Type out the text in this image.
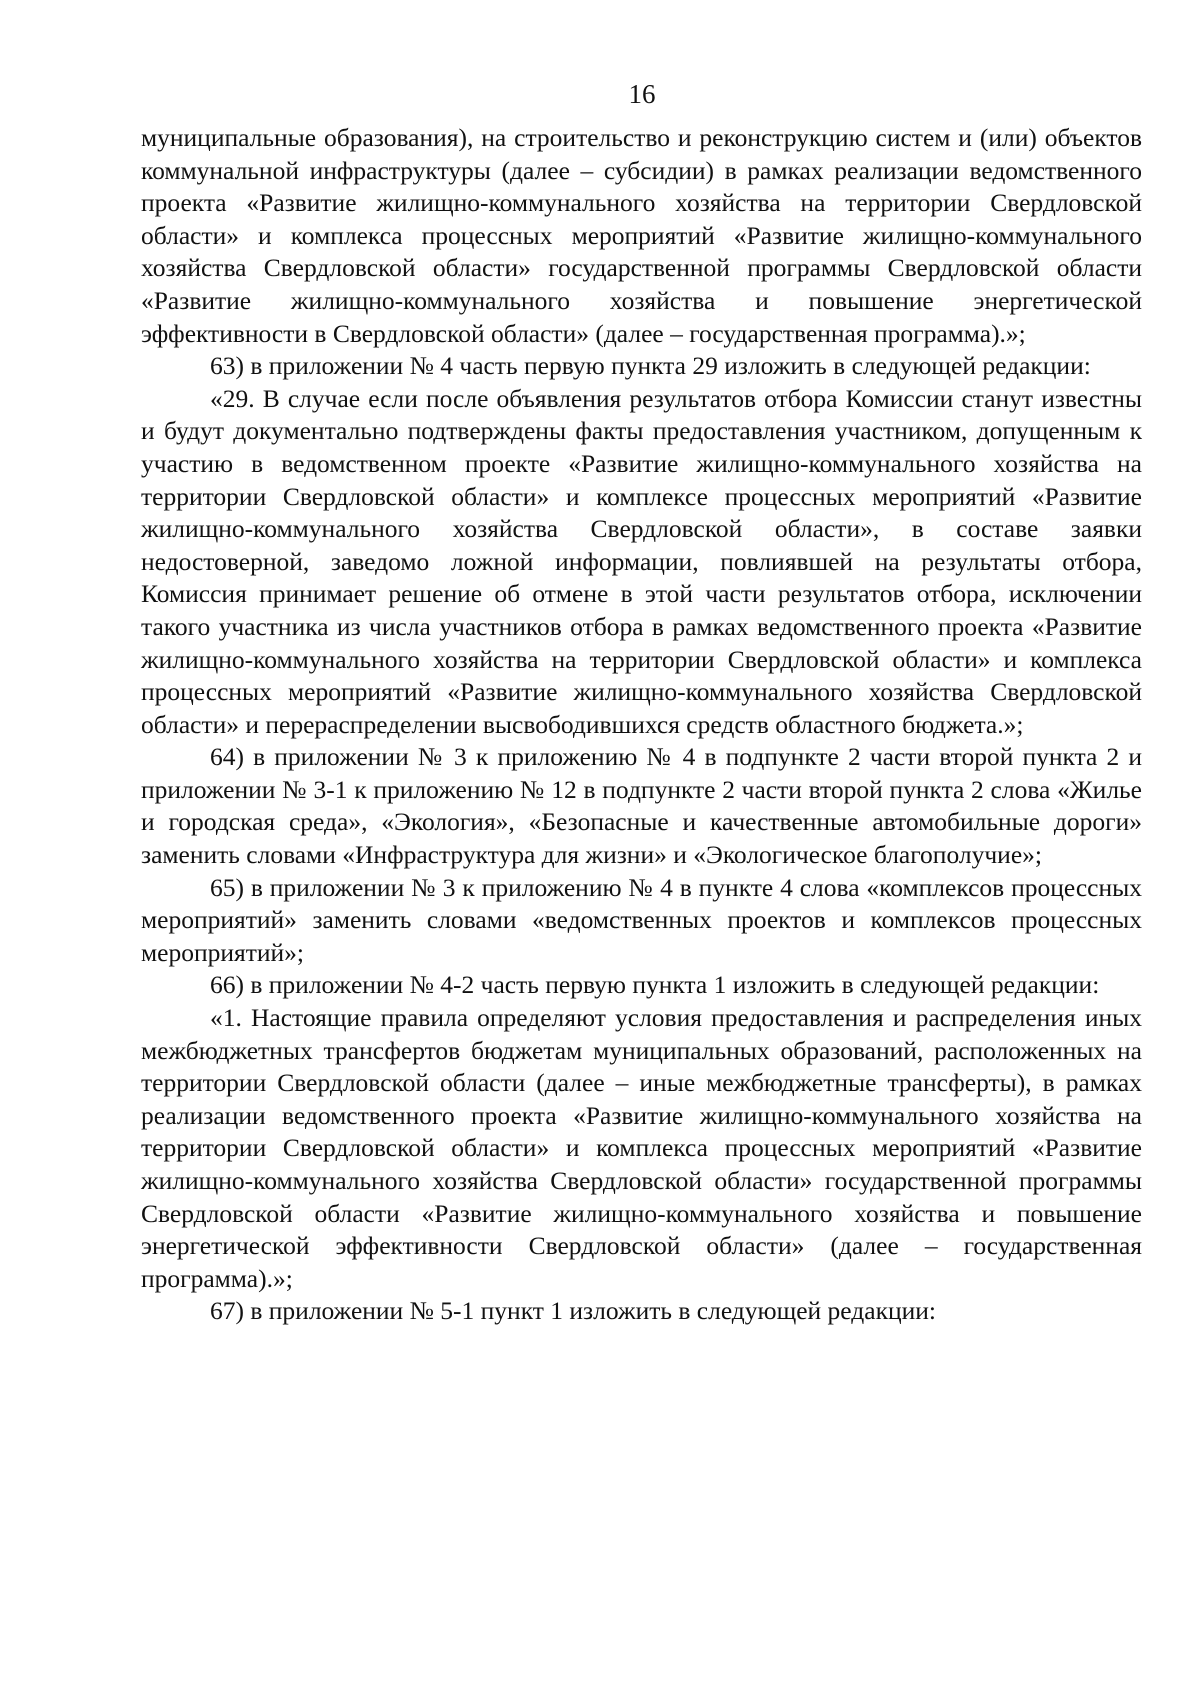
16

муниципальные образования), на строительство и реконструкцию систем и (или) объектов коммунальной инфраструктуры (далее – субсидии) в рамках реализации ведомственного проекта «Развитие жилищно-коммунального хозяйства на территории Свердловской области» и комплекса процессных мероприятий «Развитие жилищно-коммунального хозяйства Свердловской области» государственной программы Свердловской области «Развитие жилищно-коммунального хозяйства и повышение энергетической эффективности в Свердловской области» (далее – государственная программа).»;

63) в приложении № 4 часть первую пункта 29 изложить в следующей редакции:

«29. В случае если после объявления результатов отбора Комиссии станут известны и будут документально подтверждены факты предоставления участником, допущенным к участию в ведомственном проекте «Развитие жилищно-коммунального хозяйства на территории Свердловской области» и комплексе процессных мероприятий «Развитие жилищно-коммунального хозяйства Свердловской области», в составе заявки недостоверной, заведомо ложной информации, повлиявшей на результаты отбора, Комиссия принимает решение об отмене в этой части результатов отбора, исключении такого участника из числа участников отбора в рамках ведомственного проекта «Развитие жилищно-коммунального хозяйства на территории Свердловской области» и комплекса процессных мероприятий «Развитие жилищно-коммунального хозяйства Свердловской области» и перераспределении высвободившихся средств областного бюджета.»;

64) в приложении № 3 к приложению № 4 в подпункте 2 части второй пункта 2 и приложении № 3-1 к приложению № 12 в подпункте 2 части второй пункта 2 слова «Жилье и городская среда», «Экология», «Безопасные и качественные автомобильные дороги» заменить словами «Инфраструктура для жизни» и «Экологическое благополучие»;

65) в приложении № 3 к приложению № 4 в пункте 4 слова «комплексов процессных мероприятий» заменить словами «ведомственных проектов и комплексов процессных мероприятий»;

66) в приложении № 4-2 часть первую пункта 1 изложить в следующей редакции:

«1. Настоящие правила определяют условия предоставления и распределения иных межбюджетных трансфертов бюджетам муниципальных образований, расположенных на территории Свердловской области (далее – иные межбюджетные трансферты), в рамках реализации ведомственного проекта «Развитие жилищно-коммунального хозяйства на территории Свердловской области» и комплекса процессных мероприятий «Развитие жилищно-коммунального хозяйства Свердловской области» государственной программы Свердловской области «Развитие жилищно-коммунального хозяйства и повышение энергетической эффективности Свердловской области» (далее – государственная программа).»;

67) в приложении № 5-1 пункт 1 изложить в следующей редакции:
